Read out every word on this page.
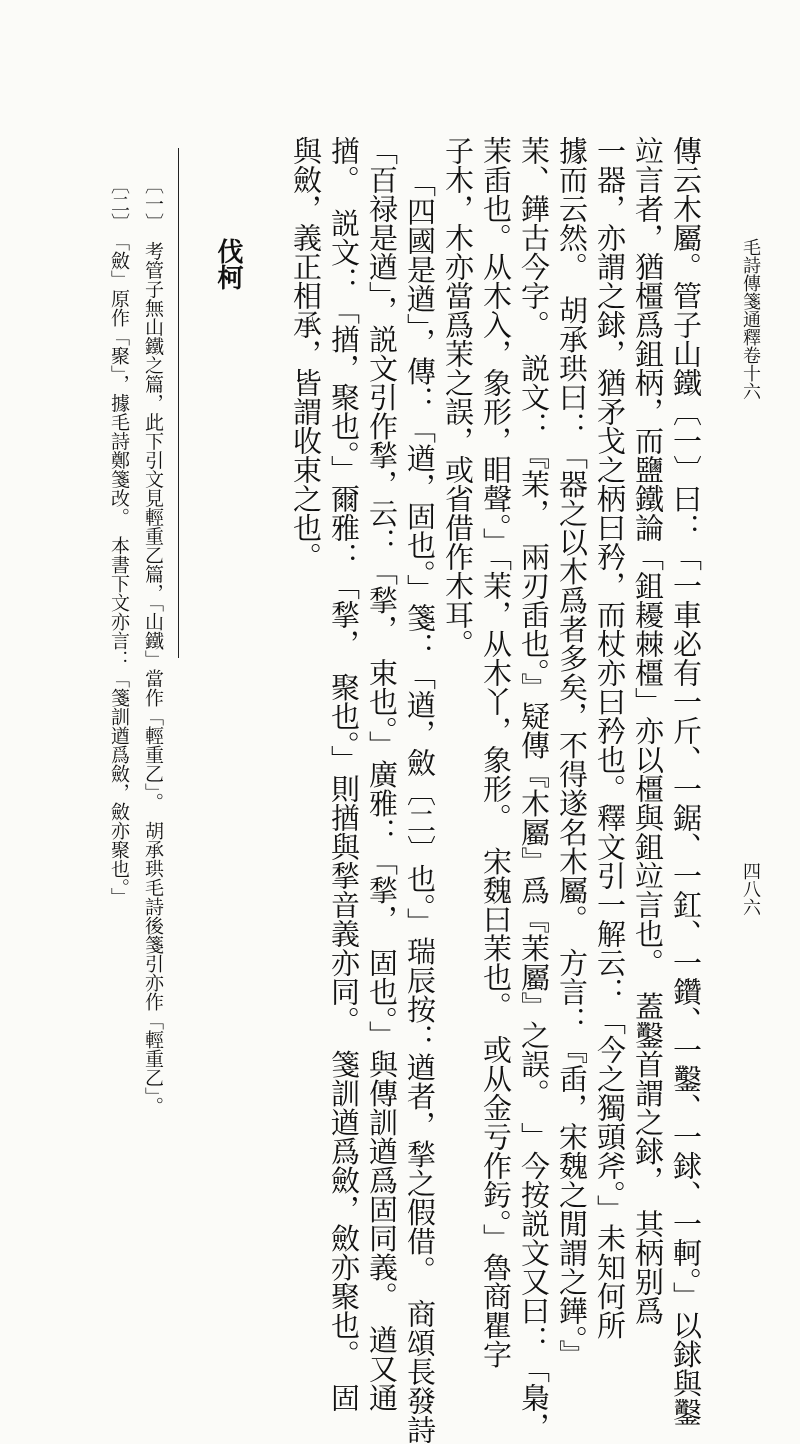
毛詩傳箋通釋卷十六
四八六
傳云木屬。管子山鐵〔一〕曰：「一車必有一斤、一鋸、一釭、一鑽、一鑿、一銶、一軻。」以銶與鑿
竝言者，猶橿爲鉏柄，而鹽鐵論「鉏耰棘橿」亦以橿與鉏竝言也。　蓋鑿首謂之銶，　其柄别爲
一器，亦謂之銶，猶矛戈之柄曰矜，而杖亦曰矜也。釋文引一解云：「今之獨頭斧。」未知何所
據而云然。　胡承珙曰：「器之以木爲者多矣，不得遂名木屬。　方言：『臿，宋魏之閒謂之鏵。』
茉、鏵古今字。　説文：『茉，　兩刃臿也。』疑傳『木屬』爲『茉屬』之誤。　」今按説文又曰：「梟，
茉臿也。从木入，象形，䀠聲。」「茉，从木丫，象形。　宋魏曰茉也。　或从金亏作釫。」魯商瞿字
子木，木亦當爲茉之誤，或省借作木耳。
「四國是遒」，傳：「遒，固也。」箋：「遒，斂〔二〕也。」瑞辰按：遒者，揫之假借。　商頌長發詩
「百禄是遒」，説文引作揫，云：「揫，　束也。」廣雅：「揫，　固也。」與傳訓遒爲固同義。　遒又通
揂。　説文：「揂，聚也。」爾雅：「揫，　聚也。」則揂與揫音義亦同。　箋訓遒爲斂，斂亦聚也。　固
與斂，義正相承，皆謂收束之也。
伐柯
〔一〕　考管子無山鐵之篇，此下引文見輕重乙篇，「山鐵」當作「輕重乙」。　胡承珙毛詩後箋引亦作「輕重乙」。
〔二〕　「斂」原作「聚」，據毛詩鄭箋改。　本書下文亦言：「箋訓遒爲斂，斂亦聚也。」
